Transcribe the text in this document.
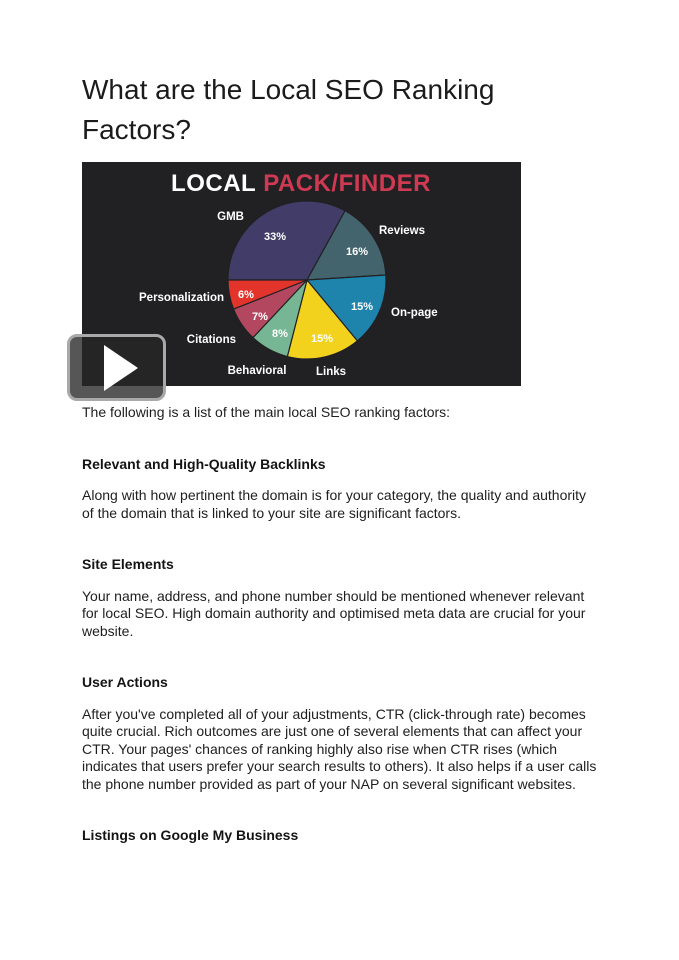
What are the Local SEO Ranking Factors?
LOCAL PACK/FINDER
33%
GMB
16%
Reviews
15% On-page
15%
Links
8%
Behavioral
7%
Citations
6%
Personalization

The following is a list of the main local SEO ranking factors:

Relevant and High-Quality Backlinks

Along with how pertinent the domain is for your category, the quality and authority of the domain that is linked to your site are significant factors.

Site Elements

Your name, address, and phone number should be mentioned whenever relevant for local SEO. High domain authority and optimised meta data are crucial for your website.

User Actions

After you've completed all of your adjustments, CTR (click-through rate) becomes quite crucial. Rich outcomes are just one of several elements that can affect your CTR. Your pages' chances of ranking highly also rise when CTR rises (which indicates that users prefer your search results to others). It also helps if a user calls the phone number provided as part of your NAP on several significant websites.

Listings on Google My Business
